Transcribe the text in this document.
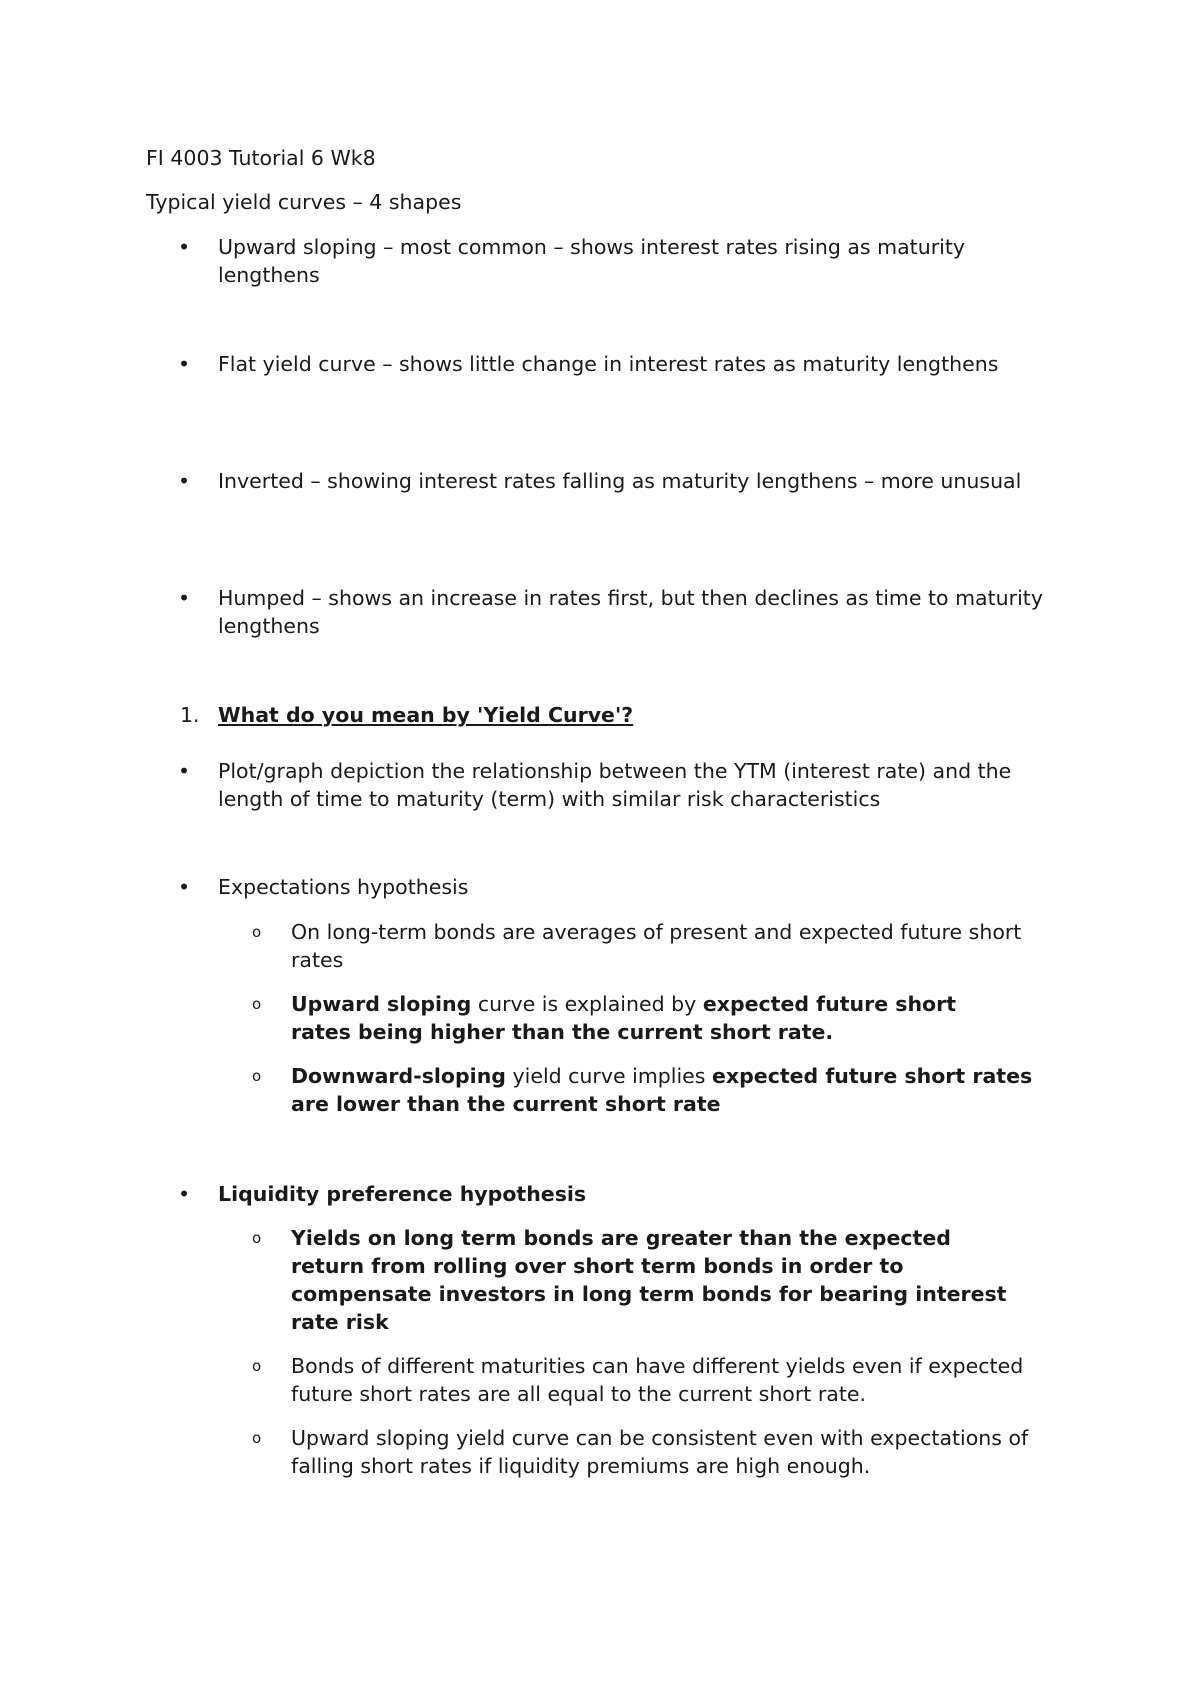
FI 4003 Tutorial 6 Wk8

Typical yield curves – 4 shapes

•	Upward sloping – most common – shows interest rates rising as maturity lengthens

•	Flat yield curve – shows little change in interest rates as maturity lengthens

•	Inverted – showing interest rates falling as maturity lengthens – more unusual

•	Humped – shows an increase in rates first, but then declines as time to maturity lengthens

1. What do you mean by 'Yield Curve'?

•	Plot/graph depiction the relationship between the YTM (interest rate) and the length of time to maturity (term) with similar risk characteristics

•	Expectations hypothesis

o	On long-term bonds are averages of present and expected future short rates

o	Upward sloping curve is explained by expected future short rates being higher than the current short rate.

o	Downward-sloping yield curve implies expected future short rates are lower than the current short rate

•	Liquidity preference hypothesis

o	Yields on long term bonds are greater than the expected return from rolling over short term bonds in order to compensate investors in long term bonds for bearing interest rate risk

o	Bonds of different maturities can have different yields even if expected future short rates are all equal to the current short rate.

o	Upward sloping yield curve can be consistent even with expectations of falling short rates if liquidity premiums are high enough.
